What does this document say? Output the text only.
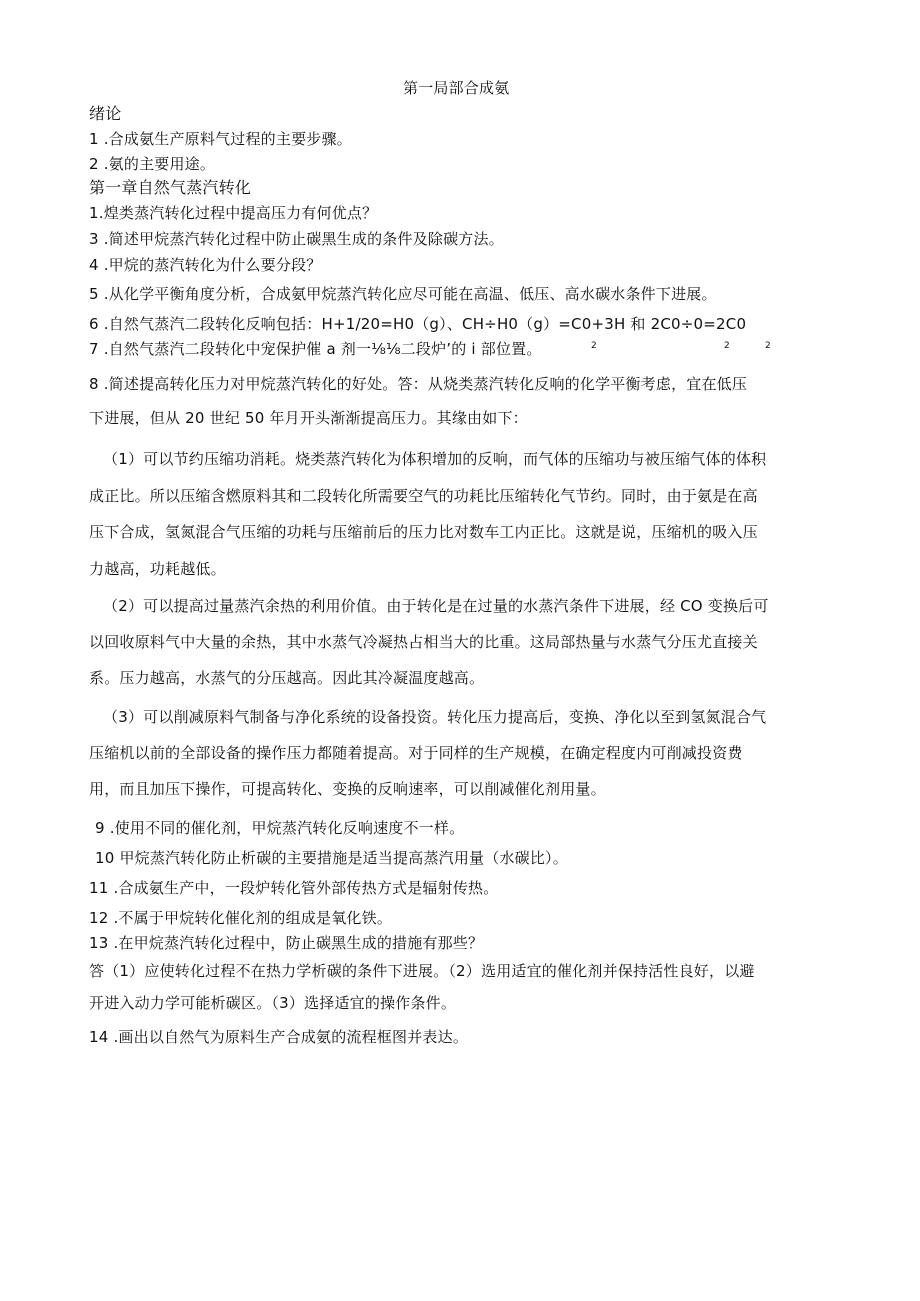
第一局部合成氨
绪论
1 .合成氨生产原料气过程的主要步骤。
2 .氨的主要用途。
第一章自然气蒸汽转化
1.煌类蒸汽转化过程中提高压力有何优点？
3 .简述甲烷蒸汽转化过程中防止碳黑生成的条件及除碳方法。
4 .甲烷的蒸汽转化为什么要分段？
5 .从化学平衡角度分析，合成氨甲烷蒸汽转化应尽可能在高温、低压、高水碳水条件下进展。
6 .自然气蒸汽二段转化反响包括：H+1/20=H0（g）、CH÷H0（g）=C0+3H 和 2C0÷0=2C0
7 .自然气蒸汽二段转化中宠保护催 a 剂一⅛⅛二段炉’的 i 部位置。	2	2	2
8 .简述提高转化压力对甲烷蒸汽转化的好处。答：从烧类蒸汽转化反响的化学平衡考虑，宜在低压
下进展，但从 20 世纪 50 年月开头渐渐提高压力。其缘由如下：
（1）可以节约压缩功消耗。烧类蒸汽转化为体积增加的反响，而气体的压缩功与被压缩气体的体积
成正比。所以压缩含燃原料其和二段转化所需要空气的功耗比压缩转化气节约。同时，由于氨是在高
压下合成，氢氮混合气压缩的功耗与压缩前后的压力比对数车工内正比。这就是说，压缩机的吸入压
力越高，功耗越低。
（2）可以提高过量蒸汽余热的利用价值。由于转化是在过量的水蒸汽条件下进展，经 CO 变换后可
以回收原料气中大量的余热，其中水蒸气冷凝热占相当大的比重。这局部热量与水蒸气分压尤直接关
系。压力越高，水蒸气的分压越高。因此其冷凝温度越高。
（3）可以削减原料气制备与净化系统的设备投资。转化压力提高后，变换、净化以至到氢氮混合气
压缩机以前的全部设备的操作压力都随着提高。对于同样的生产规模，在确定程度内可削减投资费
用，而且加压下操作，可提高转化、变换的反响速率，可以削减催化剂用量。
9 .使用不同的催化剂，甲烷蒸汽转化反响速度不一样。
10 甲烷蒸汽转化防止析碳的主要措施是适当提高蒸汽用量（水碳比）。
11 .合成氨生产中，一段炉转化管外部传热方式是辐射传热。
12 .不属于甲烷转化催化剂的组成是氧化铁。
13 .在甲烷蒸汽转化过程中，防止碳黑生成的措施有那些？
答（1）应使转化过程不在热力学析碳的条件下进展。（2）选用适宜的催化剂并保持活性良好，以避
开进入动力学可能析碳区。（3）选择适宜的操作条件。
14 .画出以自然气为原料生产合成氨的流程框图并表达。
